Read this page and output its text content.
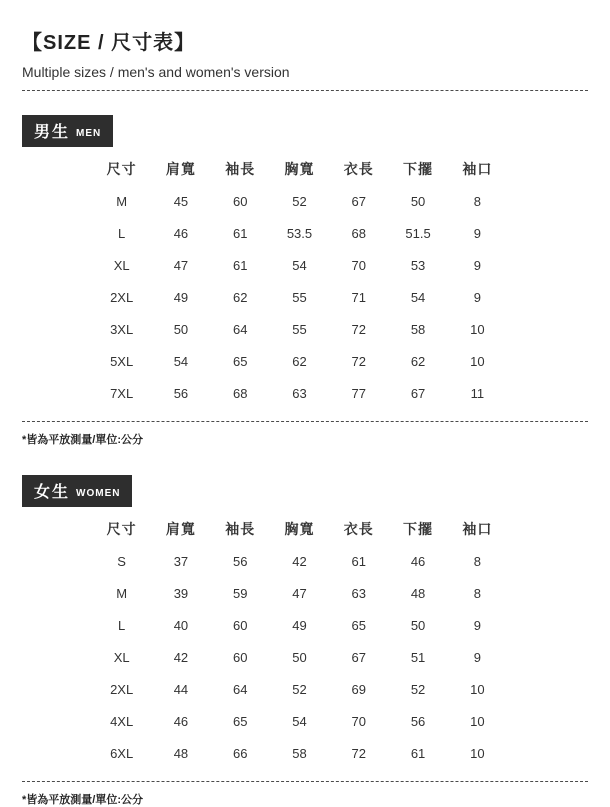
【SIZE / 尺寸表】
Multiple sizes / men's and women's version
男生 MEN
尺寸	肩寬	袖長	胸寬	衣長	下擺	袖口
M	45	60	52	67	50	8
L	46	61	53.5	68	51.5	9
XL	47	61	54	70	53	9
2XL	49	62	55	71	54	9
3XL	50	64	55	72	58	10
5XL	54	65	62	72	62	10
7XL	56	68	63	77	67	11
*皆為平放測量/單位:公分
女生 WOMEN
尺寸	肩寬	袖長	胸寬	衣長	下擺	袖口
S	37	56	42	61	46	8
M	39	59	47	63	48	8
L	40	60	49	65	50	9
XL	42	60	50	67	51	9
2XL	44	64	52	69	52	10
4XL	46	65	54	70	56	10
6XL	48	66	58	72	61	10
*皆為平放測量/單位:公分
